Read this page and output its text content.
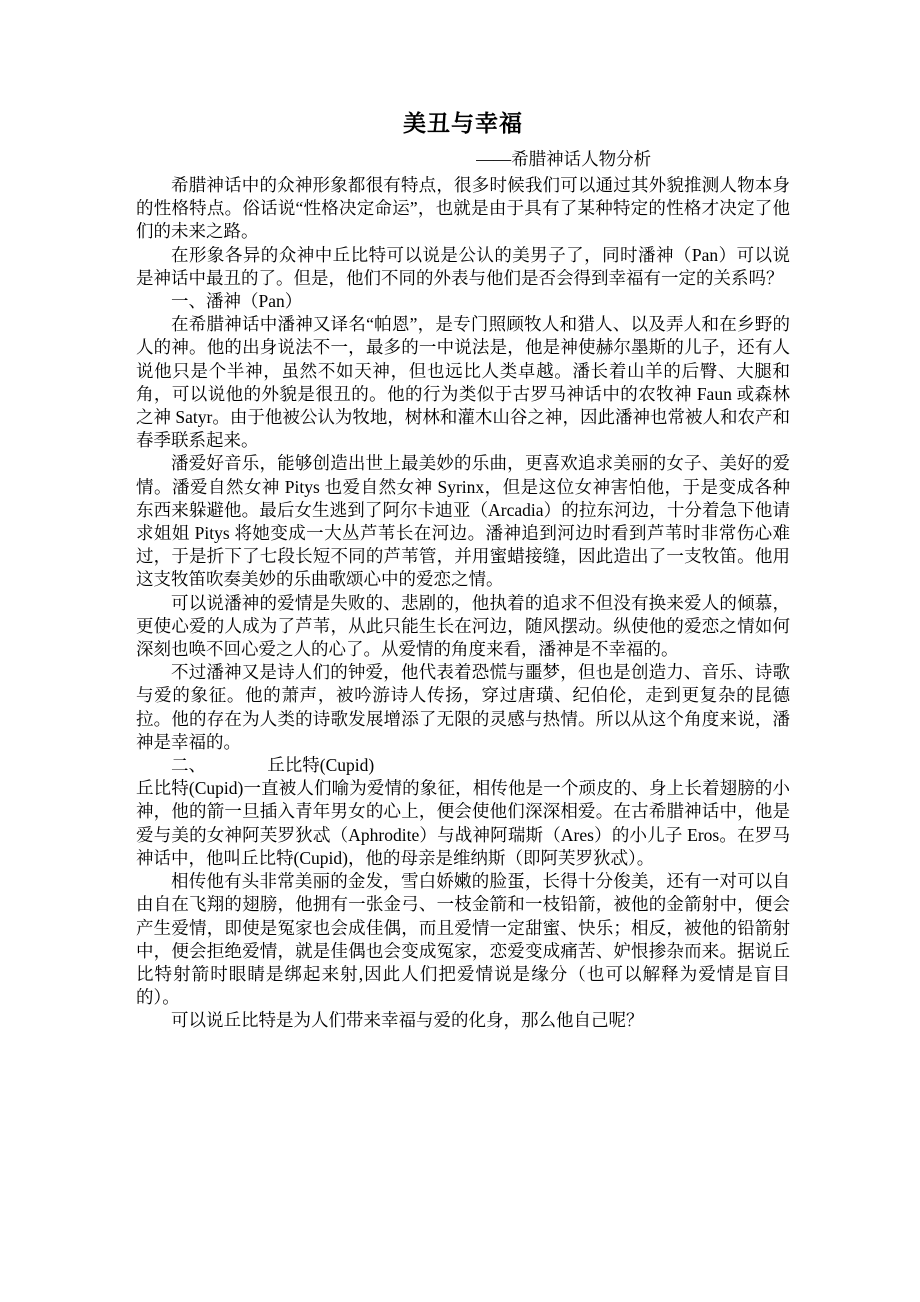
美丑与幸福
——希腊神话人物分析

希腊神话中的众神形象都很有特点，很多时候我们可以通过其外貌推测人物本身的性格特点。俗话说“性格决定命运”，也就是由于具有了某种特定的性格才决定了他们的未来之路。

在形象各异的众神中丘比特可以说是公认的美男子了，同时潘神（Pan）可以说是神话中最丑的了。但是，他们不同的外表与他们是否会得到幸福有一定的关系吗？

一、潘神（Pan）

在希腊神话中潘神又译名“帕恩”，是专门照顾牧人和猎人、以及弄人和在乡野的人的神。他的出身说法不一，最多的一中说法是，他是神使赫尔墨斯的儿子，还有人说他只是个半神，虽然不如天神，但也远比人类卓越。潘长着山羊的后臀、大腿和角，可以说他的外貌是很丑的。他的行为类似于古罗马神话中的农牧神 Faun 或森林之神 Satyr。由于他被公认为牧地，树林和灌木山谷之神，因此潘神也常被人和农产和春季联系起来。

潘爱好音乐，能够创造出世上最美妙的乐曲，更喜欢追求美丽的女子、美好的爱情。潘爱自然女神 Pitys 也爱自然女神 Syrinx，但是这位女神害怕他，于是变成各种东西来躲避他。最后女生逃到了阿尔卡迪亚（Arcadia）的拉东河边，十分着急下他请求姐姐 Pitys 将她变成一大丛芦苇长在河边。潘神追到河边时看到芦苇时非常伤心难过，于是折下了七段长短不同的芦苇管，并用蜜蜡接缝，因此造出了一支牧笛。他用这支牧笛吹奏美妙的乐曲歌颂心中的爱恋之情。

可以说潘神的爱情是失败的、悲剧的，他执着的追求不但没有换来爱人的倾慕，更使心爱的人成为了芦苇，从此只能生长在河边，随风摆动。纵使他的爱恋之情如何深刻也唤不回心爱之人的心了。从爱情的角度来看，潘神是不幸福的。

不过潘神又是诗人们的钟爱，他代表着恐慌与噩梦，但也是创造力、音乐、诗歌与爱的象征。他的萧声，被吟游诗人传扬，穿过唐璜、纪伯伦，走到更复杂的昆德拉。他的存在为人类的诗歌发展增添了无限的灵感与热情。所以从这个角度来说，潘神是幸福的。

二、　　　　丘比特(Cupid)

丘比特(Cupid)一直被人们喻为爱情的象征，相传他是一个顽皮的、身上长着翅膀的小神，他的箭一旦插入青年男女的心上，便会使他们深深相爱。在古希腊神话中，他是爱与美的女神阿芙罗狄忒（Aphrodite）与战神阿瑞斯（Ares）的小儿子 Eros。在罗马神话中，他叫丘比特(Cupid)，他的母亲是维纳斯（即阿芙罗狄忒）。

相传他有头非常美丽的金发，雪白娇嫩的脸蛋，长得十分俊美，还有一对可以自由自在飞翔的翅膀，他拥有一张金弓、一枝金箭和一枝铅箭，被他的金箭射中，便会产生爱情，即使是冤家也会成佳偶，而且爱情一定甜蜜、快乐；相反，被他的铅箭射中，便会拒绝爱情，就是佳偶也会变成冤家，恋爱变成痛苦、妒恨掺杂而来。据说丘比特射箭时眼睛是绑起来射,因此人们把爱情说是缘分（也可以解释为爱情是盲目的）。

可以说丘比特是为人们带来幸福与爱的化身，那么他自己呢？
